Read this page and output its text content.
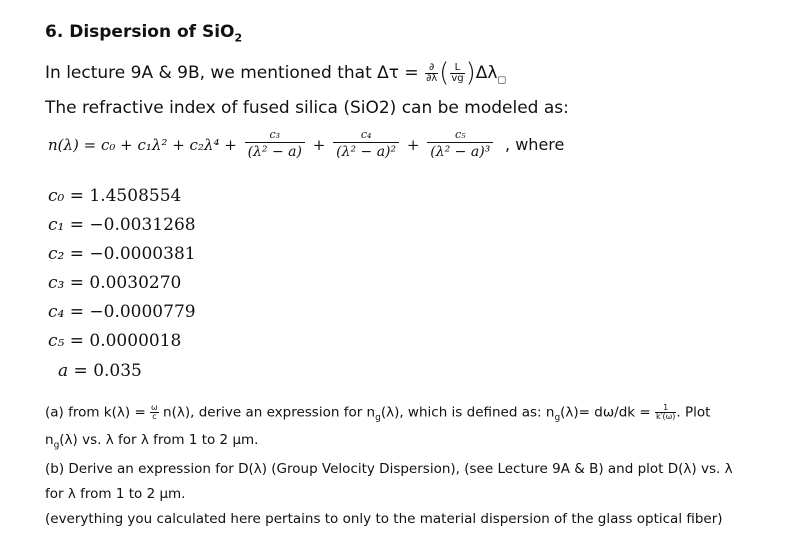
6. Dispersion of SiO$_2$
In lecture 9A & 9B, we mentioned that $\Delta\tau = \frac{\partial}{\partial\lambda}$ ( $\frac{L}{vg} )\Delta\lambda_□$
The refractive index of fused silica (SiO2) can be modeled as:
$n(\lambda) = c_0 + c_1\lambda^2 + c_2\lambda^4 + \frac{\text{c₃}}{\text{(λ² − a)}} + \frac{\text{c₄}}{\text{(λ² − a)²}} + \frac{\text{c₅}}{\text{(λ² − a)³}}$ , where
c₀ = 1.4508554
c₁ = −0.0031268
c₂ = −0.0000381
c₃ = 0.0030270
c₄ = −0.0000779
c₅ = 0.0000018
a = 0.035
(a) from $k(\lambda) = \frac{\omega}{c} n(\lambda)$, derive an expression for $n_g(\lambda)$, which is defined as: $n_g(\lambda)= d\omega/dk = \frac{1}{k'(\omega)}$ . Plot
$n_g(\lambda)$ vs. λ for λ from 1 to 2 μm.
(b) Derive an expression for D(λ) (Group Velocity Dispersion), (see Lecture 9A & B) and plot D(λ) vs. λ
for λ from 1 to 2 μm.
(everything you calculated here pertains to only to the material dispersion of the glass optical fiber)
